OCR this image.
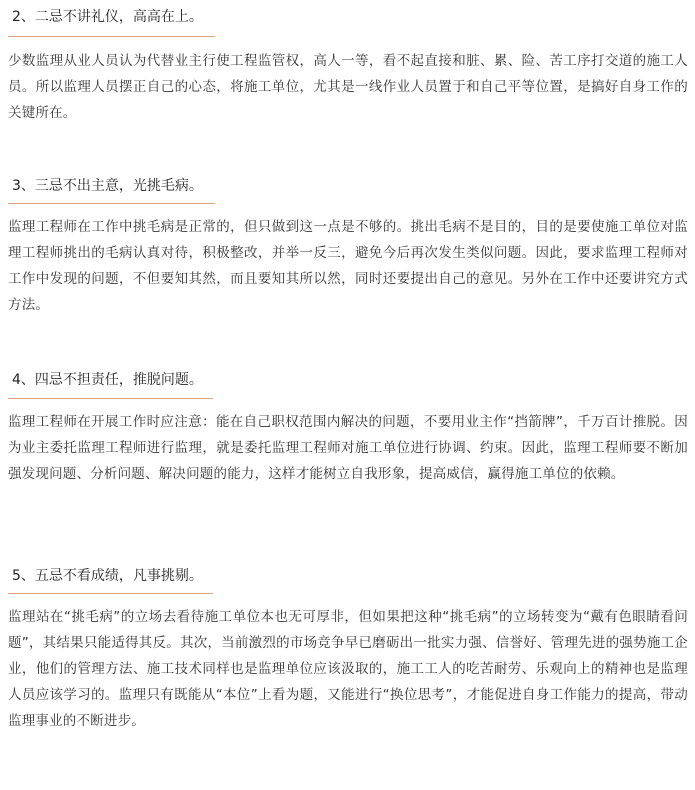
2、二忌不讲礼仪，高高在上。
少数监理从业人员认为代替业主行使工程监管权，高人一等，看不起直接和脏、累、险、苦工序打交道的施工人员。所以监理人员摆正自己的心态，将施工单位，尤其是一线作业人员置于和自己平等位置，是搞好自身工作的关键所在。
3、三忌不出主意，光挑毛病。
监理工程师在工作中挑毛病是正常的，但只做到这一点是不够的。挑出毛病不是目的，目的是要使施工单位对监理工程师挑出的毛病认真对待，积极整改，并举一反三，避免今后再次发生类似问题。因此，要求监理工程师对工作中发现的问题，不但要知其然，而且要知其所以然，同时还要提出自己的意见。另外在工作中还要讲究方式方法。
4、四忌不担责任，推脱问题。
监理工程师在开展工作时应注意：能在自己职权范围内解决的问题，不要用业主作“挡箭牌”，千万百计推脱。因为业主委托监理工程师进行监理，就是委托监理工程师对施工单位进行协调、约束。因此，监理工程师要不断加强发现问题、分析问题、解决问题的能力，这样才能树立自我形象，提高威信，赢得施工单位的依赖。
5、五忌不看成绩，凡事挑剔。
监理站在“挑毛病”的立场去看待施工单位本也无可厚非，但如果把这种“挑毛病”的立场转变为“戴有色眼睛看问题”，其结果只能适得其反。其次，当前激烈的市场竞争早已磨砺出一批实力强、信誉好、管理先进的强势施工企业，他们的管理方法、施工技术同样也是监理单位应该汲取的，施工工人的吃苦耐劳、乐观向上的精神也是监理人员应该学习的。监理只有既能从“本位”上看为题，又能进行“换位思考”，才能促进自身工作能力的提高，带动监理事业的不断进步。
